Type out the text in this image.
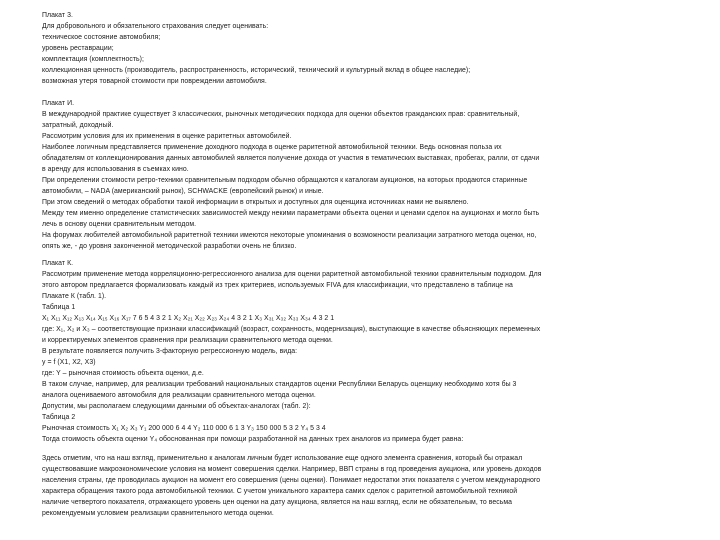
Плакат 3.
Для добровольного и обязательного страхования следует оценивать:
техническое состояние автомобиля;
уровень реставрации;
комплектация (комплектность);
коллекционная ценность (производитель, распространенность, исторический, технический и культурный вклад в общее наследие);
возможная утеря товарной стоимости при повреждении автомобиля.
Плакат И.
В международной практике существует 3 классических, рыночных методических подхода для оценки объектов гражданских прав: сравнительный,
затратный, доходный.
Рассмотрим условия для их применения в оценке раритетных автомобилей.
Наиболее логичным представляется применение доходного подхода в оценке раритетной автомобильной техники. Ведь основная польза их
обладателям от коллекционирования данных автомобилей является получение дохода от участия в тематических выставках, пробегах, ралли, от сдачи
в аренду для использования в съемках кино.
При определении стоимости ретро-техники сравнительным подходом обычно обращаются к каталогам аукционов, на которых продаются старинные
автомобили, – NADA (американский рынок), SCHWACKE (европейский рынок) и иные.
При этом сведений о методах обработки такой информации в открытых и доступных для оценщика источниках нами не выявлено.
Между тем именно определение статистических зависимостей между некими параметрами объекта оценки и ценами сделок на аукционах и могло быть
лечь в основу оценки сравнительным методом.
На форумах любителей автомобильной раритетной техники имеются некоторые упоминания о возможности реализации затратного метода оценки, но,
опять же, - до уровня законченной методической разработки очень не близко.
Плакат К.
Рассмотрим применение метода корреляционно-регрессионного анализа для оценки раритетной автомобильной техники сравнительным подходом. Для
этого автором предлагается формализовать каждый из трех критериев, используемых FIVA для классификации, что представлено в таблице на
Плакате К (табл. 1).
Таблица 1
X₁ X₁₁ X₁₂ X₁₃ X₁₄ X₁₅ X₁₆ X₁₇ 7 6 5 4 3 2 1 X₂ X₂₁ X₂₂ X₂₃ X₂₄ 4 3 2 1 X₃ X₃₁ X₃₂ X₃₃ X₃₄ 4 3 2 1
где: X₁, X₂ и X₃ – соответствующие признаки классификаций (возраст, сохранность, модернизация), выступающие в качестве объясняющих переменных
и корректируемых элементов сравнения при реализации сравнительного метода оценки.
В результате появляется получить 3-факторную регрессионную модель, вида:
y = f (X1, X2, X3)
где: Y – рыночная стоимость объекта оценки, д.е.
В таком случае, например, для реализации требований национальных стандартов оценки Республики Беларусь оценщику необходимо хотя бы 3
аналога оцениваемого автомобиля для реализации сравнительного метода оценки.
Допустим, мы располагаем следующими данными об объектах-аналогах (табл. 2):
Таблица 2
Рыночная стоимость X₁ X₂ X₃ Y₁ 200 000 6 4 4 Y₂ 110 000 6 1 3 Y₃ 150 000 5 3 2 Y₄ 5 3 4
Тогда стоимость объекта оценки Y₄ обоснованная при помощи разработанной на данных трех аналогов из примера будет равна:
Здесь отметим, что на наш взгляд, применительно к аналогам личным будет использование еще одного элемента сравнения, который бы отражал
существовавшие макроэкономические условия на момент совершения сделки. Например, ВВП страны в год проведения аукциона, или уровень доходов
населения страны, где проводилась аукцион на момент его совершения (цены оценки). Понимает недостатки этих показателя с учетом международного
характера обращения такого рода автомобильной техники. С учетом уникального характера самих сделок с раритетной автомобильной техникой
наличие четвертого показателя, отражающего уровень цен оценки на дату аукциона, является на наш взгляд, если не обязательным, то весьма
рекомендуемым условием реализации сравнительного метода оценки.
